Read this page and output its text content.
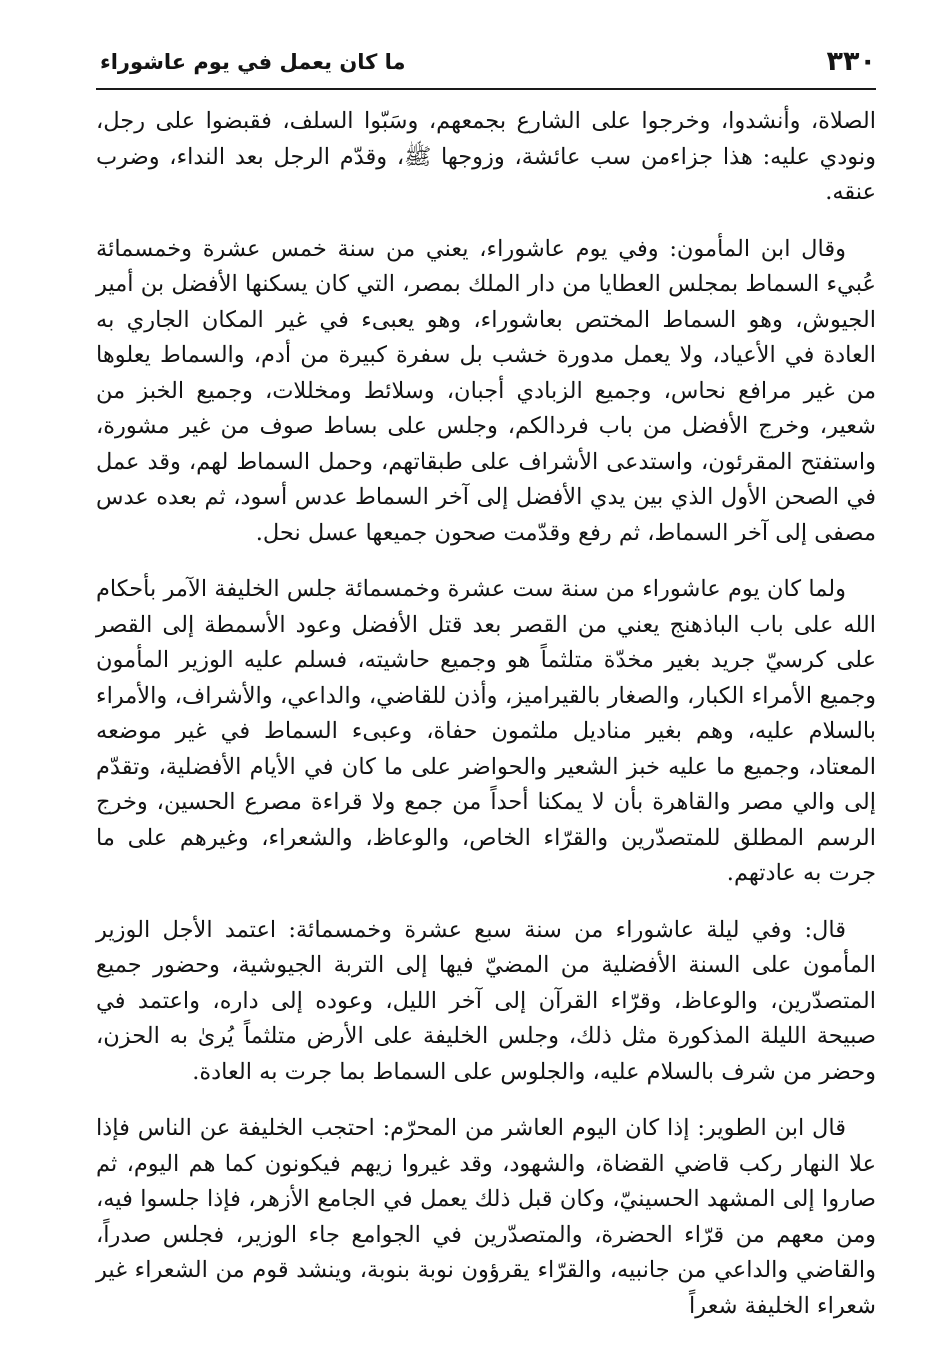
٣٣٠
ما كان يعمل في يوم عاشوراء

الصلاة، وأنشدوا، وخرجوا على الشارع بجمعهم، وسَبّوا السلف، فقبضوا على رجل، ونودي عليه: هذا جزاءمن سب عائشة، وزوجها ﷺ، وقدّم الرجل بعد النداء، وضرب عنقه.

وقال ابن المأمون: وفي يوم عاشوراء، يعني من سنة خمس عشرة وخمسمائة عُبيء السماط بمجلس العطايا من دار الملك بمصر، التي كان يسكنها الأفضل بن أمير الجيوش، وهو السماط المختص بعاشوراء، وهو يعبىء في غير المكان الجاري به العادة في الأعياد، ولا يعمل مدورة خشب بل سفرة كبيرة من أدم، والسماط يعلوها من غير مرافع نحاس، وجميع الزبادي أجبان، وسلائط ومخللات، وجميع الخبز من شعير، وخرج الأفضل من باب فردالكم، وجلس على بساط صوف من غير مشورة، واستفتح المقرئون، واستدعى الأشراف على طبقاتهم، وحمل السماط لهم، وقد عمل في الصحن الأول الذي بين يدي الأفضل إلى آخر السماط عدس أسود، ثم بعده عدس مصفى إلى آخر السماط، ثم رفع وقدّمت صحون جميعها عسل نحل.

ولما كان يوم عاشوراء من سنة ست عشرة وخمسمائة جلس الخليفة الآمر بأحكام الله على باب الباذهنج يعني من القصر بعد قتل الأفضل وعود الأسمطة إلى القصر على كرسيّ جريد بغير مخدّة متلثماً هو وجميع حاشيته، فسلم عليه الوزير المأمون وجميع الأمراء الكبار، والصغار بالقيراميز، وأذن للقاضي، والداعي، والأشراف، والأمراء بالسلام عليه، وهم بغير مناديل ملثمون حفاة، وعبىء السماط في غير موضعه المعتاد، وجميع ما عليه خبز الشعير والحواضر على ما كان في الأيام الأفضلية، وتقدّم إلى والي مصر والقاهرة بأن لا يمكنا أحداً من جمع ولا قراءة مصرع الحسين، وخرج الرسم المطلق للمتصدّرين والقرّاء الخاص، والوعاظ، والشعراء، وغيرهم على ما جرت به عادتهم.

قال: وفي ليلة عاشوراء من سنة سبع عشرة وخمسمائة: اعتمد الأجل الوزير المأمون على السنة الأفضلية من المضيّ فيها إلى التربة الجيوشية، وحضور جميع المتصدّرين، والوعاظ، وقرّاء القرآن إلى آخر الليل، وعوده إلى داره، واعتمد في صبيحة الليلة المذكورة مثل ذلك، وجلس الخليفة على الأرض متلثماً يُرىٰ به الحزن، وحضر من شرف بالسلام عليه، والجلوس على السماط بما جرت به العادة.

قال ابن الطوير: إذا كان اليوم العاشر من المحرّم: احتجب الخليفة عن الناس فإذا علا النهار ركب قاضي القضاة، والشهود، وقد غيروا زيهم فيكونون كما هم اليوم، ثم صاروا إلى المشهد الحسينيّ، وكان قبل ذلك يعمل في الجامع الأزهر، فإذا جلسوا فيه، ومن معهم من قرّاء الحضرة، والمتصدّرين في الجوامع جاء الوزير، فجلس صدراً، والقاضي والداعي من جانبيه، والقرّاء يقرؤون نوبة بنوبة، وينشد قوم من الشعراء غير شعراء الخليفة شعراً
